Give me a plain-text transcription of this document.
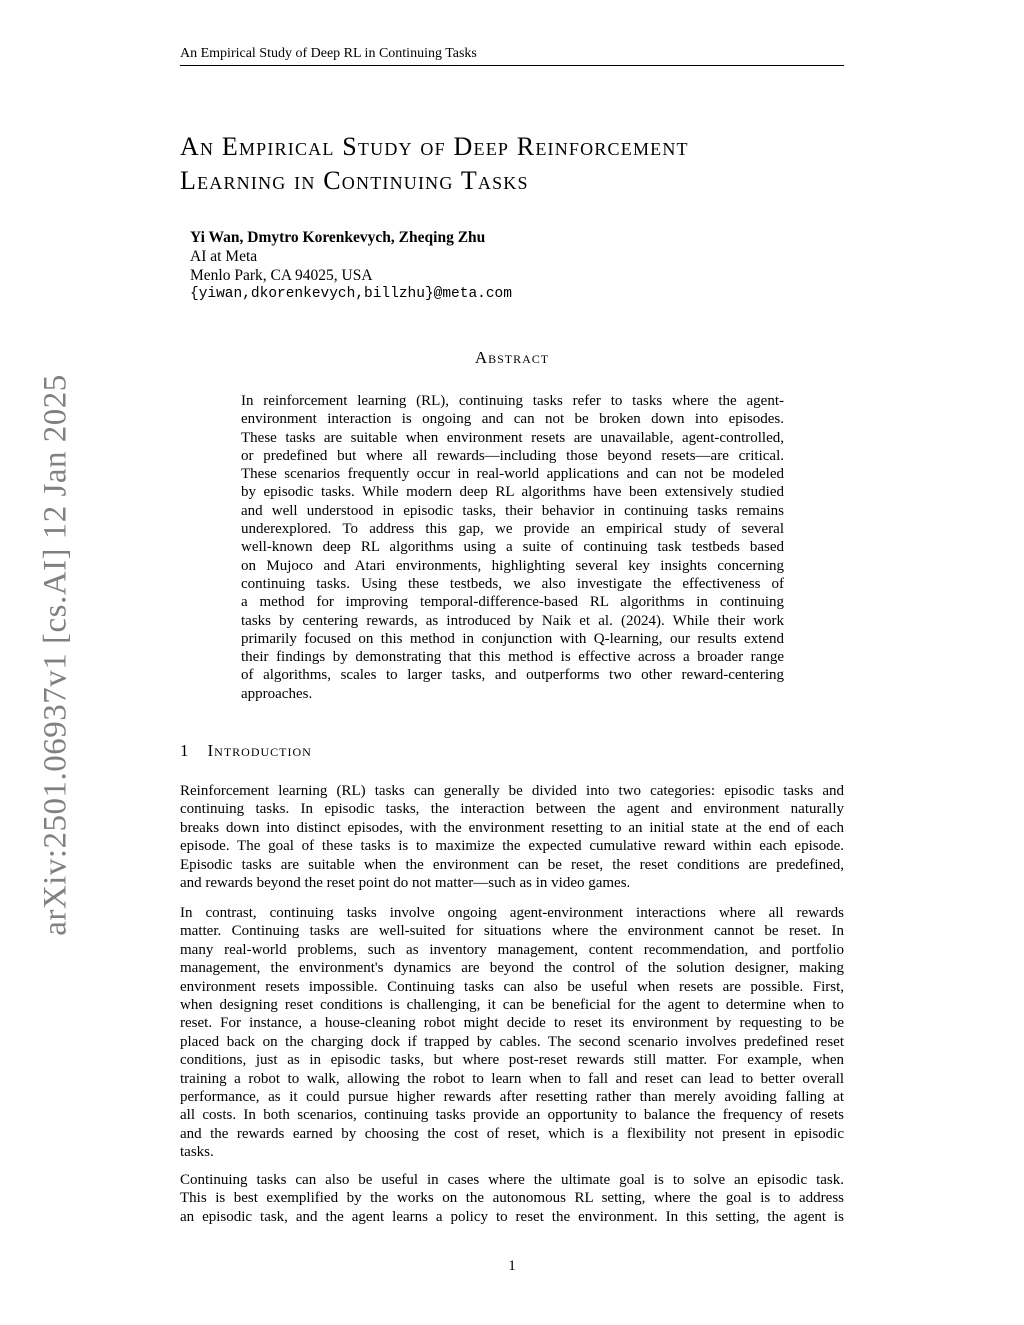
An Empirical Study of Deep RL in Continuing Tasks
An Empirical Study of Deep Reinforcement
Learning in Continuing Tasks
Yi Wan, Dmytro Korenkevych, Zheqing Zhu
AI at Meta
Menlo Park, CA 94025, USA
{yiwan,dkorenkevych,billzhu}@meta.com
Abstract
In reinforcement learning (RL), continuing tasks refer to tasks where the agent-
environment interaction is ongoing and can not be broken down into episodes.
These tasks are suitable when environment resets are unavailable, agent-controlled,
or predefined but where all rewards—including those beyond resets—are critical.
These scenarios frequently occur in real-world applications and can not be modeled
by episodic tasks. While modern deep RL algorithms have been extensively studied
and well understood in episodic tasks, their behavior in continuing tasks remains
underexplored. To address this gap, we provide an empirical study of several
well-known deep RL algorithms using a suite of continuing task testbeds based
on Mujoco and Atari environments, highlighting several key insights concerning
continuing tasks. Using these testbeds, we also investigate the effectiveness of
a method for improving temporal-difference-based RL algorithms in continuing
tasks by centering rewards, as introduced by Naik et al. (2024). While their work
primarily focused on this method in conjunction with Q-learning, our results extend
their findings by demonstrating that this method is effective across a broader range
of algorithms, scales to larger tasks, and outperforms two other reward-centering
approaches.
1 Introduction
Reinforcement learning (RL) tasks can generally be divided into two categories: episodic tasks and
continuing tasks. In episodic tasks, the interaction between the agent and environment naturally
breaks down into distinct episodes, with the environment resetting to an initial state at the end of each
episode. The goal of these tasks is to maximize the expected cumulative reward within each episode.
Episodic tasks are suitable when the environment can be reset, the reset conditions are predefined,
and rewards beyond the reset point do not matter—such as in video games.
In contrast, continuing tasks involve ongoing agent-environment interactions where all rewards
matter. Continuing tasks are well-suited for situations where the environment cannot be reset. In
many real-world problems, such as inventory management, content recommendation, and portfolio
management, the environment's dynamics are beyond the control of the solution designer, making
environment resets impossible. Continuing tasks can also be useful when resets are possible. First,
when designing reset conditions is challenging, it can be beneficial for the agent to determine when to
reset. For instance, a house-cleaning robot might decide to reset its environment by requesting to be
placed back on the charging dock if trapped by cables. The second scenario involves predefined reset
conditions, just as in episodic tasks, but where post-reset rewards still matter. For example, when
training a robot to walk, allowing the robot to learn when to fall and reset can lead to better overall
performance, as it could pursue higher rewards after resetting rather than merely avoiding falling at
all costs. In both scenarios, continuing tasks provide an opportunity to balance the frequency of resets
and the rewards earned by choosing the cost of reset, which is a flexibility not present in episodic
tasks.
Continuing tasks can also be useful in cases where the ultimate goal is to solve an episodic task.
This is best exemplified by the works on the autonomous RL setting, where the goal is to address
an episodic task, and the agent learns a policy to reset the environment. In this setting, the agent is
1
arXiv:2501.06937v1 [cs.AI] 12 Jan 2025
